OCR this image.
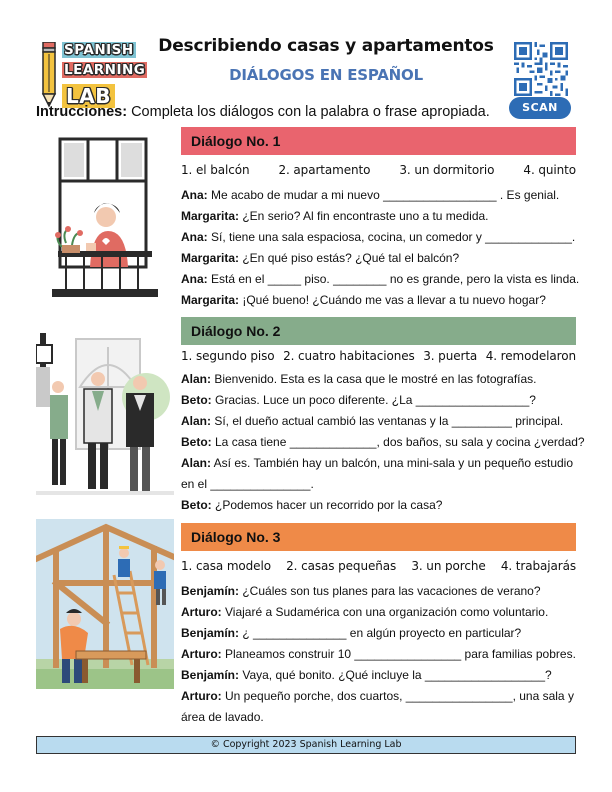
SPANISH
LEARNING
LAB
Describiendo casas y apartamentos
DIÁLOGOS EN ESPAÑOL
SCAN
Intrucciones: Completa los diálogos con la palabra o frase apropiada.
Diálogo No. 1
1. el balcón 2. apartamento 3. un dormitorio 4. quinto
Ana: Me acabo de mudar a mi nuevo _________________ . Es genial.
Margarita: ¿En serio? Al fin encontraste uno a tu medida.
Ana: Sí, tiene una sala espaciosa, cocina, un comedor y _____________.
Margarita: ¿En qué piso estás? ¿Qué tal el balcón?
Ana: Está en el _____ piso. ________ no es grande, pero la vista es linda.
Margarita: ¡Qué bueno! ¿Cuándo me vas a llevar a tu nuevo hogar?
Diálogo No. 2
1. segundo piso 2. cuatro habitaciones 3. puerta 4. remodelaron
Alan: Bienvenido. Esta es la casa que le mostré en las fotografías.
Beto: Gracias. Luce un poco diferente. ¿La _________________?
Alan: Sí, el dueño actual cambió las ventanas y la _________ principal.
Beto: La casa tiene _____________, dos baños, su sala y cocina ¿verdad?
Alan: Así es. También hay un balcón, una mini-sala y un pequeño estudio en el _______________.
Beto: ¿Podemos hacer un recorrido por la casa?
Diálogo No. 3
1. casa modelo 2. casas pequeñas 3. un porche 4. trabajarás
Benjamín: ¿Cuáles son tus planes para las vacaciones de verano?
Arturo: Viajaré a Sudamérica con una organización como voluntario.
Benjamín: ¿ ______________ en algún proyecto en particular?
Arturo: Planeamos construir 10 ________________ para familias pobres.
Benjamín: Vaya, qué bonito. ¿Qué incluye la __________________?
Arturo: Un pequeño porche, dos cuartos, ________________, una sala y área de lavado.
© Copyright 2023 Spanish Learning Lab
